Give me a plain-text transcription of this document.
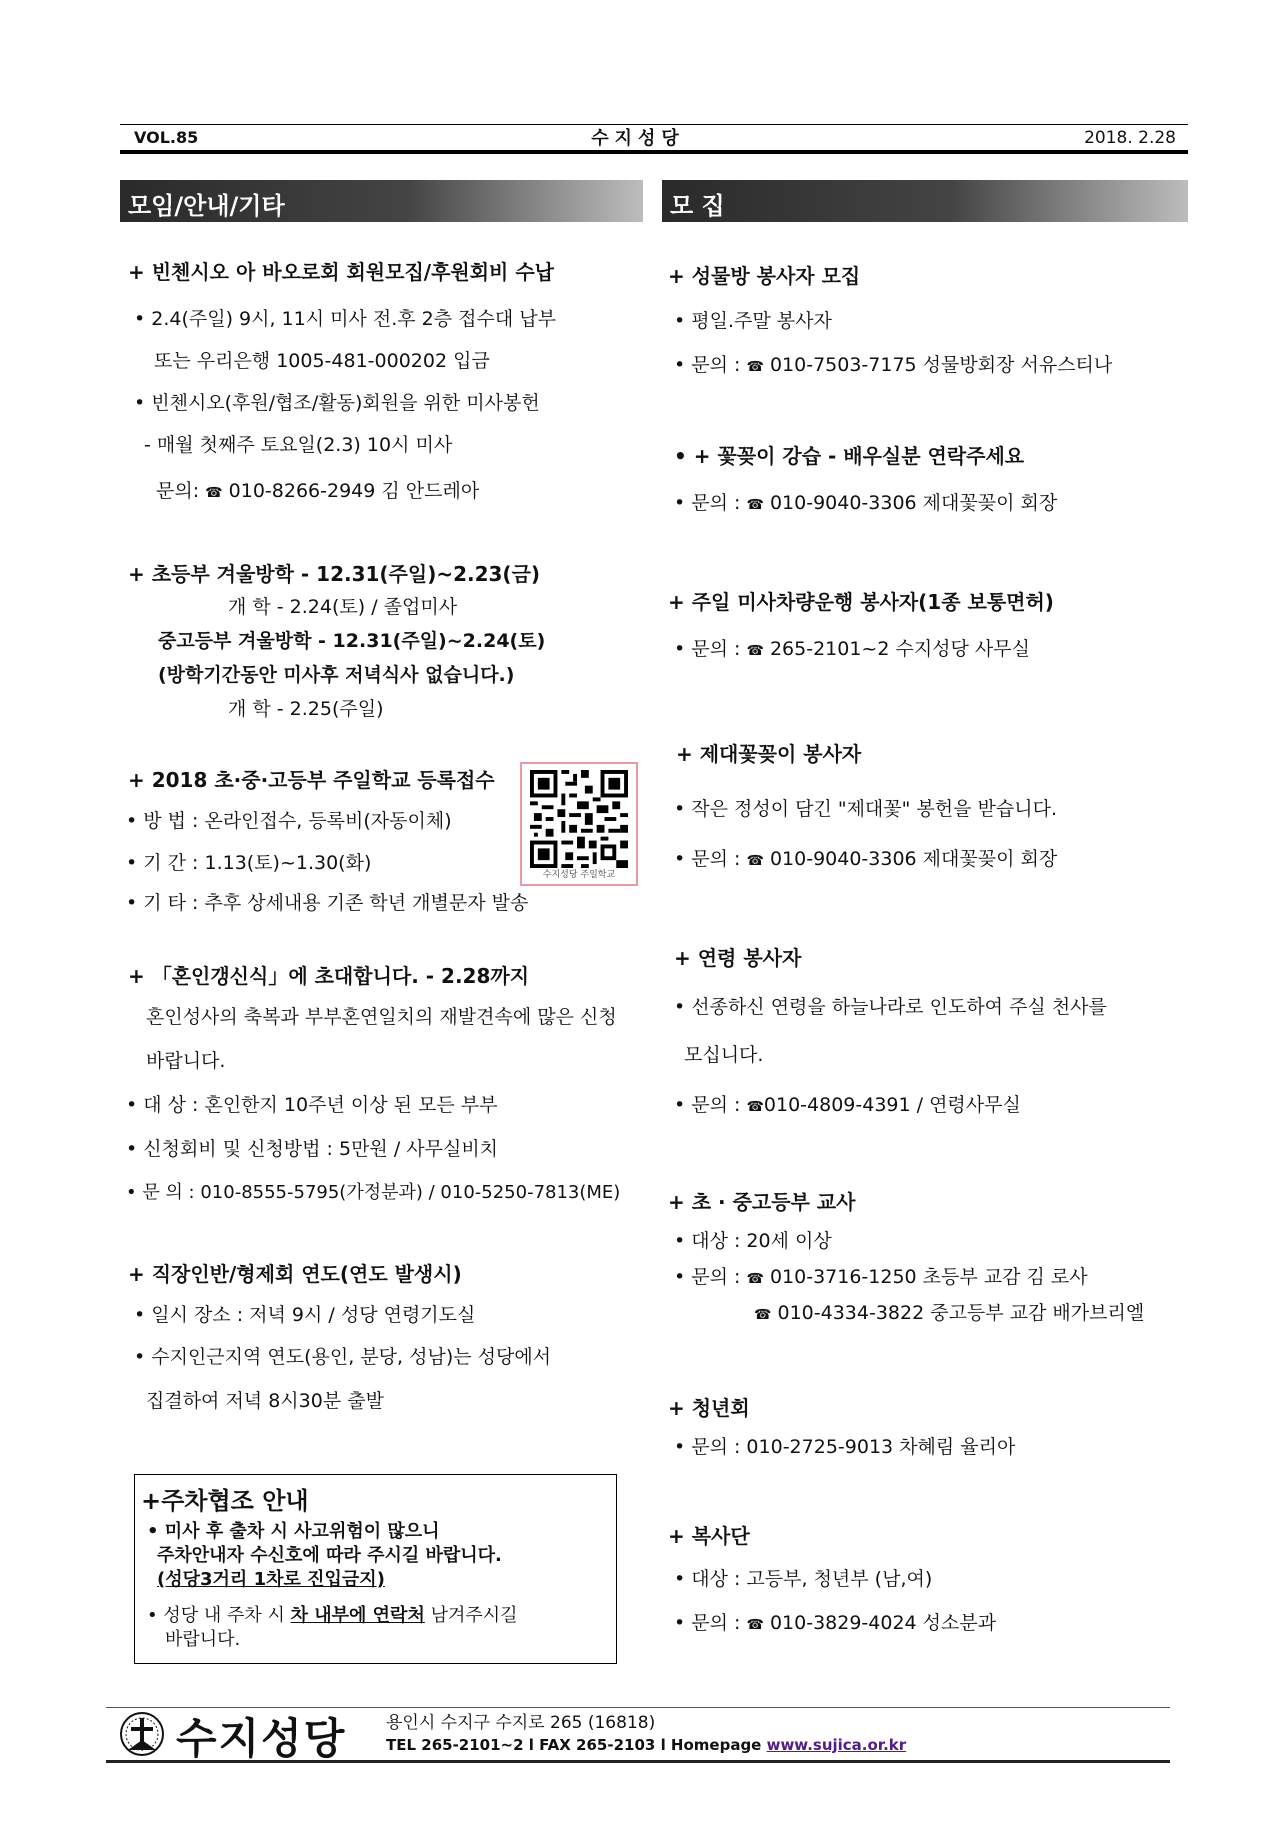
VOL.85	수지성당	2018. 2.28
모임/안내/기타	모 집
+ 빈첸시오 아 바오로회 회원모집/후원회비 수납
• 2.4(주일) 9시, 11시 미사 전.후 2층 접수대 납부
또는 우리은행 1005-481-000202 입금
• 빈첸시오(후원/협조/활동)회원을 위한 미사봉헌
- 매월 첫째주 토요일(2.3) 10시 미사
문의: ☎ 010-8266-2949 김 안드레아
+ 초등부 겨울방학 - 12.31(주일)~2.23(금)
개 학 - 2.24(토) / 졸업미사
중고등부 겨울방학 - 12.31(주일)~2.24(토)
(방학기간동안 미사후 저녁식사 없습니다.)
개 학 - 2.25(주일)
+ 2018 초·중·고등부 주일학교 등록접수
• 방 법 : 온라인접수, 등록비(자동이체)
• 기 간 : 1.13(토)~1.30(화)
• 기 타 : 추후 상세내용 기존 학년 개별문자 발송
수지성당 주일학교
+ 「혼인갱신식」에 초대합니다. - 2.28까지
혼인성사의 축복과 부부혼연일치의 재발견속에 많은 신청
바랍니다.
• 대 상 : 혼인한지 10주년 이상 된 모든 부부
• 신청회비 및 신청방법 : 5만원 / 사무실비치
• 문 의 : 010-8555-5795(가정분과) / 010-5250-7813(ME)
+ 직장인반/형제회 연도(연도 발생시)
• 일시 장소 : 저녁 9시 / 성당 연령기도실
• 수지인근지역 연도(용인, 분당, 성남)는 성당에서
집결하여 저녁 8시30분 출발
+주차협조 안내
• 미사 후 출차 시 사고위험이 많으니
주차안내자 수신호에 따라 주시길 바랍니다.
(성당3거리 1차로 진입금지)
• 성당 내 주차 시 차 내부에 연락처 남겨주시길
바랍니다.
+ 성물방 봉사자 모집
• 평일.주말 봉사자
• 문의 : ☎ 010-7503-7175 성물방회장 서유스티나
• + 꽃꽂이 강습 - 배우실분 연락주세요
• 문의 : ☎ 010-9040-3306 제대꽃꽂이 회장
+ 주일 미사차량운행 봉사자(1종 보통면허)
• 문의 : ☎ 265-2101~2 수지성당 사무실
+ 제대꽃꽂이 봉사자
• 작은 정성이 담긴 "제대꽃" 봉헌을 받습니다.
• 문의 : ☎ 010-9040-3306 제대꽃꽂이 회장
+ 연령 봉사자
• 선종하신 연령을 하늘나라로 인도하여 주실 천사를
모십니다.
• 문의 : ☎010-4809-4391 / 연령사무실
+ 초 · 중고등부 교사
• 대상 : 20세 이상
• 문의 : ☎ 010-3716-1250 초등부 교감 김 로사
☎ 010-4334-3822 중고등부 교감 배가브리엘
+ 청년회
• 문의 : 010-2725-9013 차혜림 율리아
+ 복사단
• 대상 : 고등부, 청년부 (남,여)
• 문의 : ☎ 010-3829-4024 성소분과
수지성당 용인시 수지구 수지로 265 (16818)
TEL 265-2101~2 l FAX 265-2103 l Homepage www.sujica.or.kr
